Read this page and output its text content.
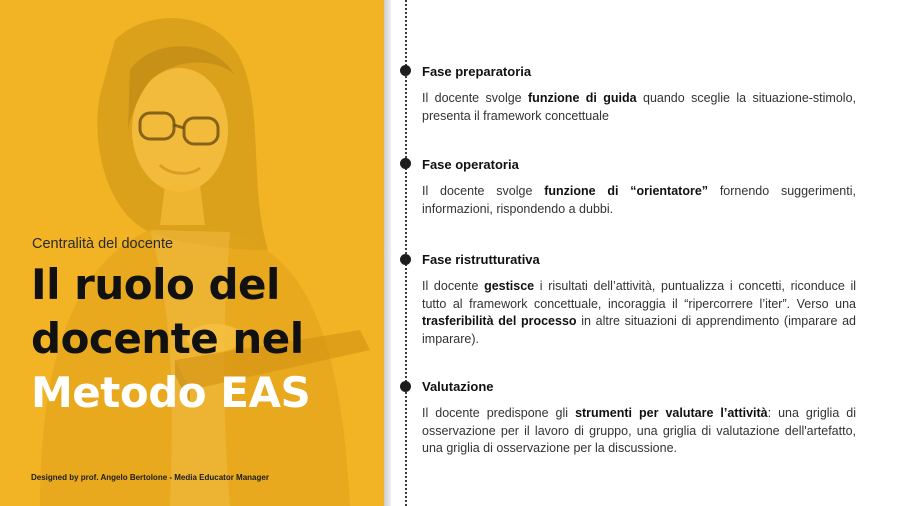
Centralità del docente
Il ruolo del
docente nel
Metodo EAS
Designed by prof. Angelo Bertolone - Media Educator Manager
Fase preparatoria
Il docente svolge funzione di guida quando sceglie la situazione-stimolo, presenta il framework concettuale
Fase operatoria
Il docente svolge funzione di “orientatore” fornendo suggerimenti, informazioni, rispondendo a dubbi.
Fase ristrutturativa
Il docente gestisce i risultati dell’attività, puntualizza i concetti, riconduce il tutto al framework concettuale, incoraggia il “ripercorrere l’iter”. Verso una trasferibilità del processo in altre situazioni di apprendimento (imparare ad imparare).
Valutazione
Il docente predispone gli strumenti per valutare l’attività: una griglia di osservazione per il lavoro di gruppo, una griglia di valutazione dell'artefatto, una griglia di osservazione per la discussione.
